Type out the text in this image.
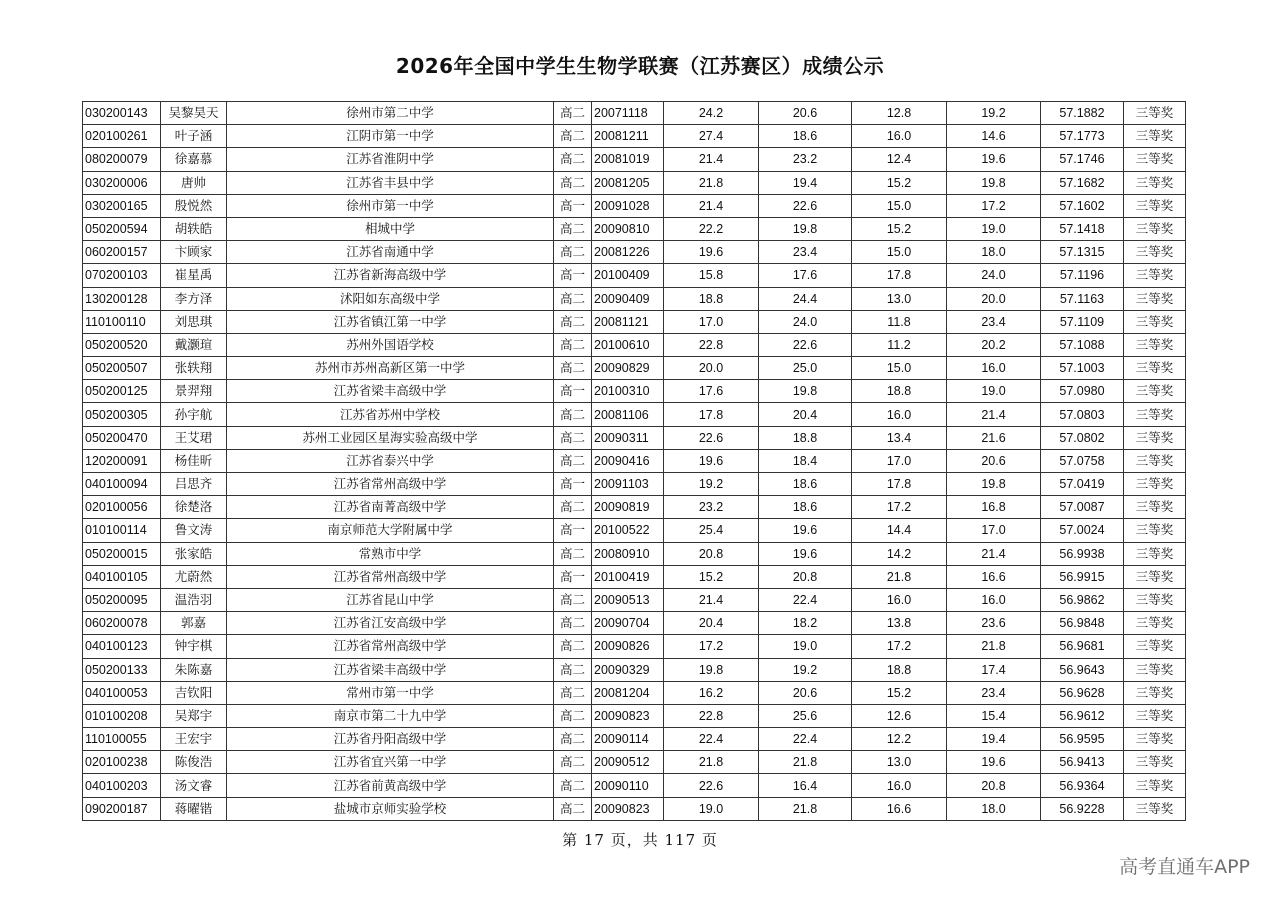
2026年全国中学生生物学联赛（江苏赛区）成绩公示
030200143	吴黎昊天	徐州市第二中学	高二	20071118	24.2	20.6	12.8	19.2	57.1882	三等奖
020100261	叶子涵	江阴市第一中学	高二	20081211	27.4	18.6	16.0	14.6	57.1773	三等奖
080200079	徐嘉慕	江苏省淮阴中学	高二	20081019	21.4	23.2	12.4	19.6	57.1746	三等奖
030200006	唐帅	江苏省丰县中学	高二	20081205	21.8	19.4	15.2	19.8	57.1682	三等奖
030200165	殷悦然	徐州市第一中学	高一	20091028	21.4	22.6	15.0	17.2	57.1602	三等奖
050200594	胡轶皓	相城中学	高二	20090810	22.2	19.8	15.2	19.0	57.1418	三等奖
060200157	卞顾家	江苏省南通中学	高二	20081226	19.6	23.4	15.0	18.0	57.1315	三等奖
070200103	崔星禹	江苏省新海高级中学	高一	20100409	15.8	17.6	17.8	24.0	57.1196	三等奖
130200128	李方泽	沭阳如东高级中学	高二	20090409	18.8	24.4	13.0	20.0	57.1163	三等奖
110100110	刘思琪	江苏省镇江第一中学	高二	20081121	17.0	24.0	11.8	23.4	57.1109	三等奖
050200520	戴灏瑄	苏州外国语学校	高二	20100610	22.8	22.6	11.2	20.2	57.1088	三等奖
050200507	张轶翔	苏州市苏州高新区第一中学	高二	20090829	20.0	25.0	15.0	16.0	57.1003	三等奖
050200125	景羿翔	江苏省梁丰高级中学	高一	20100310	17.6	19.8	18.8	19.0	57.0980	三等奖
050200305	孙宇航	江苏省苏州中学校	高二	20081106	17.8	20.4	16.0	21.4	57.0803	三等奖
050200470	王艾珺	苏州工业园区星海实验高级中学	高二	20090311	22.6	18.8	13.4	21.6	57.0802	三等奖
120200091	杨佳昕	江苏省泰兴中学	高二	20090416	19.6	18.4	17.0	20.6	57.0758	三等奖
040100094	吕思齐	江苏省常州高级中学	高一	20091103	19.2	18.6	17.8	19.8	57.0419	三等奖
020100056	徐楚洛	江苏省南菁高级中学	高二	20090819	23.2	18.6	17.2	16.8	57.0087	三等奖
010100114	鲁文涛	南京师范大学附属中学	高一	20100522	25.4	19.6	14.4	17.0	57.0024	三等奖
050200015	张家皓	常熟市中学	高二	20080910	20.8	19.6	14.2	21.4	56.9938	三等奖
040100105	尤蔚然	江苏省常州高级中学	高一	20100419	15.2	20.8	21.8	16.6	56.9915	三等奖
050200095	温浩羽	江苏省昆山中学	高二	20090513	21.4	22.4	16.0	16.0	56.9862	三等奖
060200078	郭嘉	江苏省江安高级中学	高二	20090704	20.4	18.2	13.8	23.6	56.9848	三等奖
040100123	钟宇棋	江苏省常州高级中学	高二	20090826	17.2	19.0	17.2	21.8	56.9681	三等奖
050200133	朱陈嘉	江苏省梁丰高级中学	高二	20090329	19.8	19.2	18.8	17.4	56.9643	三等奖
040100053	吉钦阳	常州市第一中学	高二	20081204	16.2	20.6	15.2	23.4	56.9628	三等奖
010100208	吴郑宇	南京市第二十九中学	高二	20090823	22.8	25.6	12.6	15.4	56.9612	三等奖
110100055	王宏宇	江苏省丹阳高级中学	高二	20090114	22.4	22.4	12.2	19.4	56.9595	三等奖
020100238	陈俊浩	江苏省宜兴第一中学	高二	20090512	21.8	21.8	13.0	19.6	56.9413	三等奖
040100203	汤文睿	江苏省前黄高级中学	高二	20090110	22.6	16.4	16.0	20.8	56.9364	三等奖
090200187	蒋曜锴	盐城市京师实验学校	高二	20090823	19.0	21.8	16.6	18.0	56.9228	三等奖
第 17 页，共 117 页
高考直通车APP
